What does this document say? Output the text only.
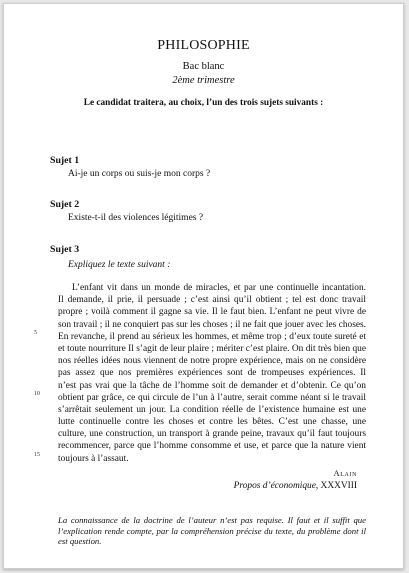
PHILOSOPHIE
Bac blanc
2ème trimestre
Le candidat traitera, au choix, l’un des trois sujets suivants :
Sujet 1
Ai-je un corps ou suis-je mon corps ?
Sujet 2
Existe-t-il des violences légitimes ?
Sujet 3
Expliquez le texte suivant :
5
10
15
L’enfant vit dans un monde de miracles, et par une continuelle incantation.
Il demande, il prie, il persuade ; c’est ainsi qu’il obtient ; tel est donc travail
propre ; voilà comment il gagne sa vie. Il le faut bien. L’enfant ne peut vivre de
son travail ; il ne conquiert pas sur les choses ; il ne fait que jouer avec les choses.
En revanche, il prend au sérieux les hommes, et même trop ; d’eux toute sureté et
et toute nourriture Il s’agit de leur plaire ; mériter c’est plaire. On dit très bien que
nos réelles idées nous viennent de notre propre expérience, mais on ne considère
pas assez que nos premières expériences sont de trompeuses expériences. Il
n’est pas vrai que la tâche de l’homme soit de demander et d’obtenir. Ce qu’on
obtient par grâce, ce qui circule de l’un à l’autre, serait comme néant si le travail
s’arrêtait seulement un jour. La condition réelle de l’existence humaine est une
lutte continuelle contre les choses et contre les bêtes. C’est une chasse, une
culture, une construction, un transport à grande peine, travaux qu’il faut toujours
recommencer, parce que l’homme consomme et use, et parce que la nature vient
toujours à l’assaut.
Alain
Propos d’économique, XXXVIII
La connaissance de la doctrine de l’auteur n’est pas requise. Il faut et il suffit que l’explication rende compte, par la compréhension précise du texte, du problème dont il est question.
